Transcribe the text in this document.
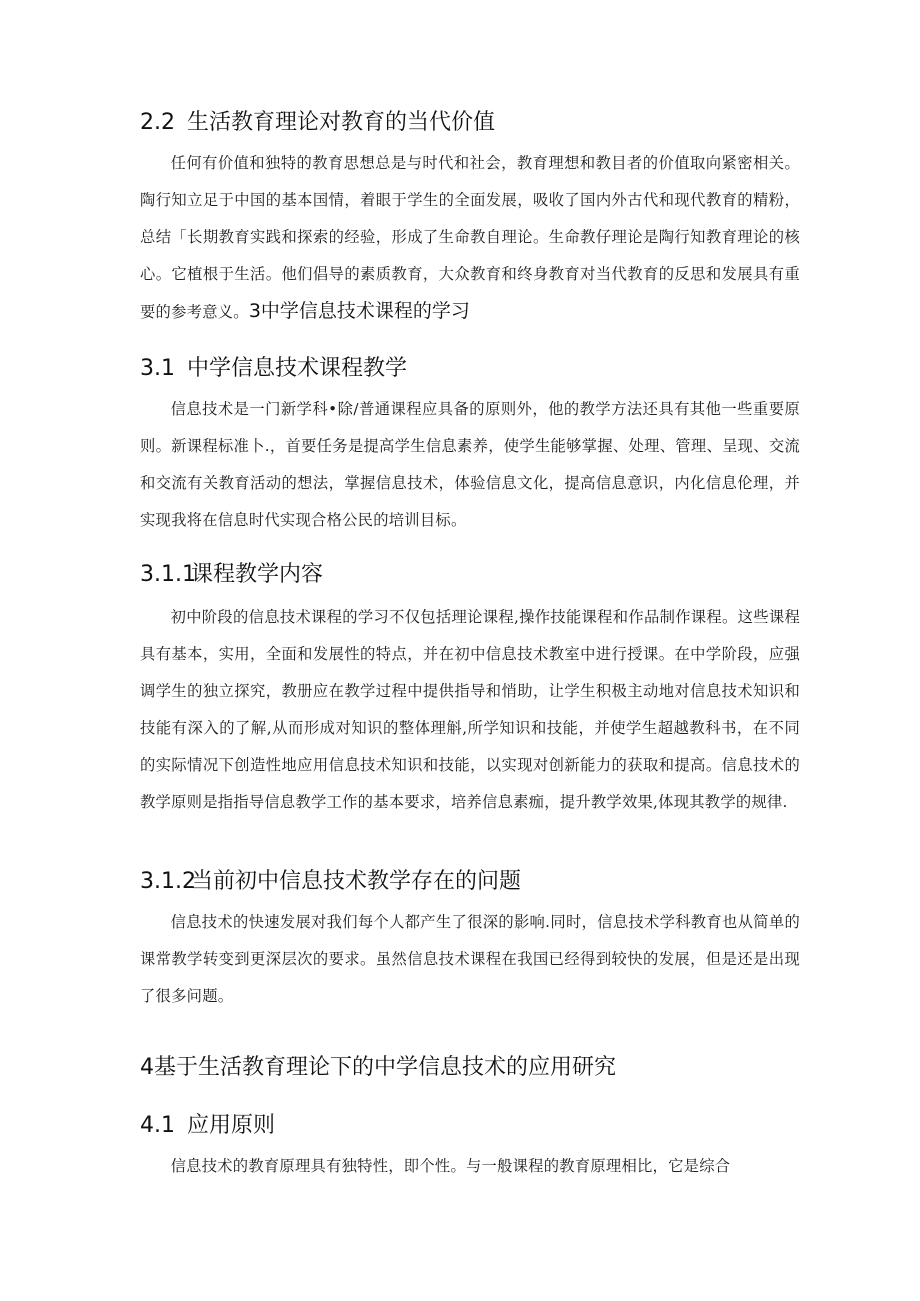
2.2 生活教育理论对教育的当代价值

任何有价值和独特的教育思想总是与时代和社会，教育理想和教目者的价值取向紧密相关。陶行知立足于中国的基本国情，着眼于学生的全面发展，吸收了国内外古代和现代教育的精粉，总结「长期教育实践和探索的经验，形成了生命教自理论。生命教仔理论是陶行知教育理论的核心。它植根于生活。他们倡导的素质教育，大众教育和终身教育对当代教育的反思和发展具有重要的参考意义。3中学信息技术课程的学习

3.1 中学信息技术课程教学

信息技术是一门新学科•除/普通课程应具备的原则外，他的教学方法还具有其他一些重要原则。新课程标准卜.，首要任务是提高学生信息素养，使学生能够掌握、处理、管理、呈现、交流和交流有关教育活动的想法，掌握信息技术，体验信息文化，提高信息意识，内化信息伦理，并实现我将在信息时代实现合格公民的培训目标。

3.1.1 课程教学内容

初中阶段的信息技术课程的学习不仅包括理论课程,操作技能课程和作品制作课程。这些课程具有基本，实用，全面和发展性的特点，并在初中信息技术教室中进行授课。在中学阶段，应强调学生的独立探究，教册应在教学过程中提供指导和悄助，让学生积极主动地对信息技术知识和技能有深入的了解,从而形成对知识的整体理斛,所学知识和技能，并使学生超越教科书，在不同的实际情况下创造性地应用信息技术知识和技能，以实现对创新能力的获取和提高。信息技术的教学原则是指指导信息教学工作的基本要求，培养信息素痂，提升教学效果,体现其教学的规律.

3.1.2 当前初中信息技术教学存在的问题

信息技术的快速发展对我们每个人都产生了很深的影响.同时，信息技术学科教育也从简单的课常教学转变到更深层次的要求。虽然信息技术课程在我国已经得到较快的发展，但是还是出现了很多问题。

4基于生活教育理论下的中学信息技术的应用研究
4.1 应用原则

信息技术的教育原理具有独特性，即个性。与一般课程的教育原理相比，它是综合
